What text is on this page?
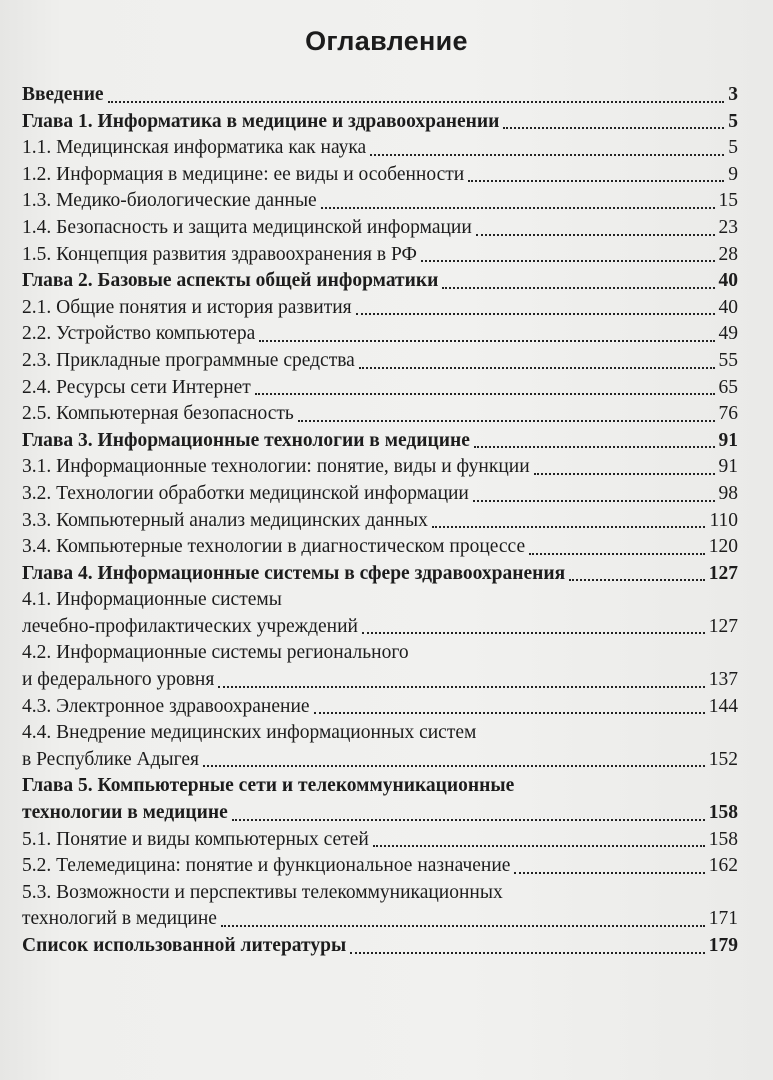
Оглавление
Введение	3
Глава 1. Информатика в медицине и здравоохранении	5
1.1. Медицинская информатика как наука	5
1.2. Информация в медицине: ее виды и особенности	9
1.3. Медико-биологические данные	15
1.4. Безопасность и защита медицинской информации	23
1.5. Концепция развития здравоохранения в РФ	28
Глава 2. Базовые аспекты общей информатики	40
2.1. Общие понятия и история развития	40
2.2. Устройство компьютера	49
2.3. Прикладные программные средства	55
2.4. Ресурсы сети Интернет	65
2.5. Компьютерная безопасность	76
Глава 3. Информационные технологии в медицине	91
3.1. Информационные технологии: понятие, виды и функции	91
3.2. Технологии обработки медицинской информации	98
3.3. Компьютерный анализ медицинских данных	110
3.4. Компьютерные технологии в диагностическом процессе	120
Глава 4. Информационные системы в сфере здравоохранения	127
4.1. Информационные системы
лечебно-профилактических учреждений	127
4.2. Информационные системы регионального
и федерального уровня	137
4.3. Электронное здравоохранение	144
4.4. Внедрение медицинских информационных систем
в Республике Адыгея	152
Глава 5. Компьютерные сети и телекоммуникационные
технологии в медицине	158
5.1. Понятие и виды компьютерных сетей	158
5.2. Телемедицина: понятие и функциональное назначение	162
5.3. Возможности и перспективы телекоммуникационных
технологий в медицине	171
Список использованной литературы	179
